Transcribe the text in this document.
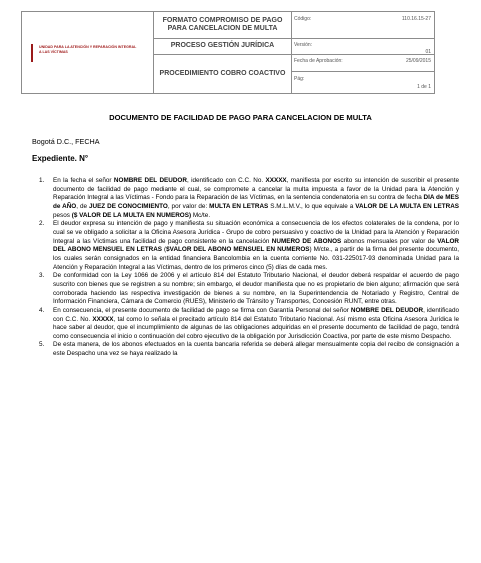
UNIDAD PARA LA ATENCIÓN Y REPARACIÓN INTEGRAL A LAS VÍCTIMAS	FORMATO COMPROMISO DE PAGO PARA CANCELACION DE MULTA	Código: 110.16.15-27

	PROCESO GESTIÓN JURÍDICA	Versión:
01

	PROCEDIMIENTO COBRO COACTIVO	Fecha de Aprobación: 25/09/2015

		Pág:
1 de 1
DOCUMENTO DE FACILIDAD DE PAGO PARA CANCELACION DE MULTA
Bogotá D.C., FECHA
Expediente. N°
1. En la fecha el señor NOMBRE DEL DEUDOR, identificado con C.C. No. XXXXX, manifiesta por escrito su intención de suscribir el presente documento de facilidad de pago mediante el cual, se compromete a cancelar la multa impuesta a favor de la Unidad para la Atención y Reparación Integral a las Víctimas - Fondo para la Reparación de las Víctimas, en la sentencia condenatoria en su contra de fecha DIA de MES de AÑO, de JUEZ DE CONOCIMIENTO, por valor de: MULTA EN LETRAS S.M.L.M.V., lo que equivale a VALOR DE LA MULTA EN LETRAS pesos ($ VALOR DE LA MULTA EN NUMEROS) Mc/te.
2. El deudor expresa su intención de pago y manifiesta su situación económica a consecuencia de los efectos colaterales de la condena, por lo cual se ve obligado a solicitar a la Oficina Asesora Jurídica - Grupo de cobro persuasivo y coactivo de la Unidad para la Atención y Reparación Integral a las Víctimas una facilidad de pago consistente en la cancelación NUMERO DE ABONOS abonos mensuales por valor de VALOR DEL ABONO MENSUEL EN LETRAS ($VALOR DEL ABONO MENSUEL EN NUMEROS) M/cte., a partir de la firma del presente documento, los cuales serán consignados en la entidad financiera Bancolombia en la cuenta corriente No. 031-225017-93 denominada Unidad para la Atención y Reparación Integral a las Víctimas, dentro de los primeros cinco (5) días de cada mes.
3. De conformidad con la Ley 1066 de 2006 y el artículo 814 del Estatuto Tributario Nacional, el deudor deberá respaldar el acuerdo de pago suscrito con bienes que se registren a su nombre; sin embargo, el deudor manifiesta que no es propietario de bien alguno; afirmación que será corroborada haciendo las respectiva investigación de bienes a su nombre, en la Superintendencia de Notariado y Registro, Central de Información Financiera, Cámara de Comercio (RUES), Ministerio de Tránsito y Transportes, Concesión RUNT, entre otras.
4. En consecuencia, el presente documento de facilidad de pago se firma con Garantía Personal del señor NOMBRE DEL DEUDOR, identificado con C.C. No. XXXXX, tal como lo señala el precitado artículo 814 del Estatuto Tributario Nacional. Así mismo esta Oficina Asesora Jurídica le hace saber al deudor, que el incumplimiento de algunas de las obligaciones adquiridas en el presente documento de facilidad de pago, tendrá como consecuencia el inicio o continuación del cobro ejecutivo de la obligación por Jurisdicción Coactiva, por parte de este mismo Despacho.
5. De esta manera, de los abonos efectuados en la cuenta bancaria referida se deberá allegar mensualmente copia del recibo de consignación a este Despacho una vez se haya realizado la
